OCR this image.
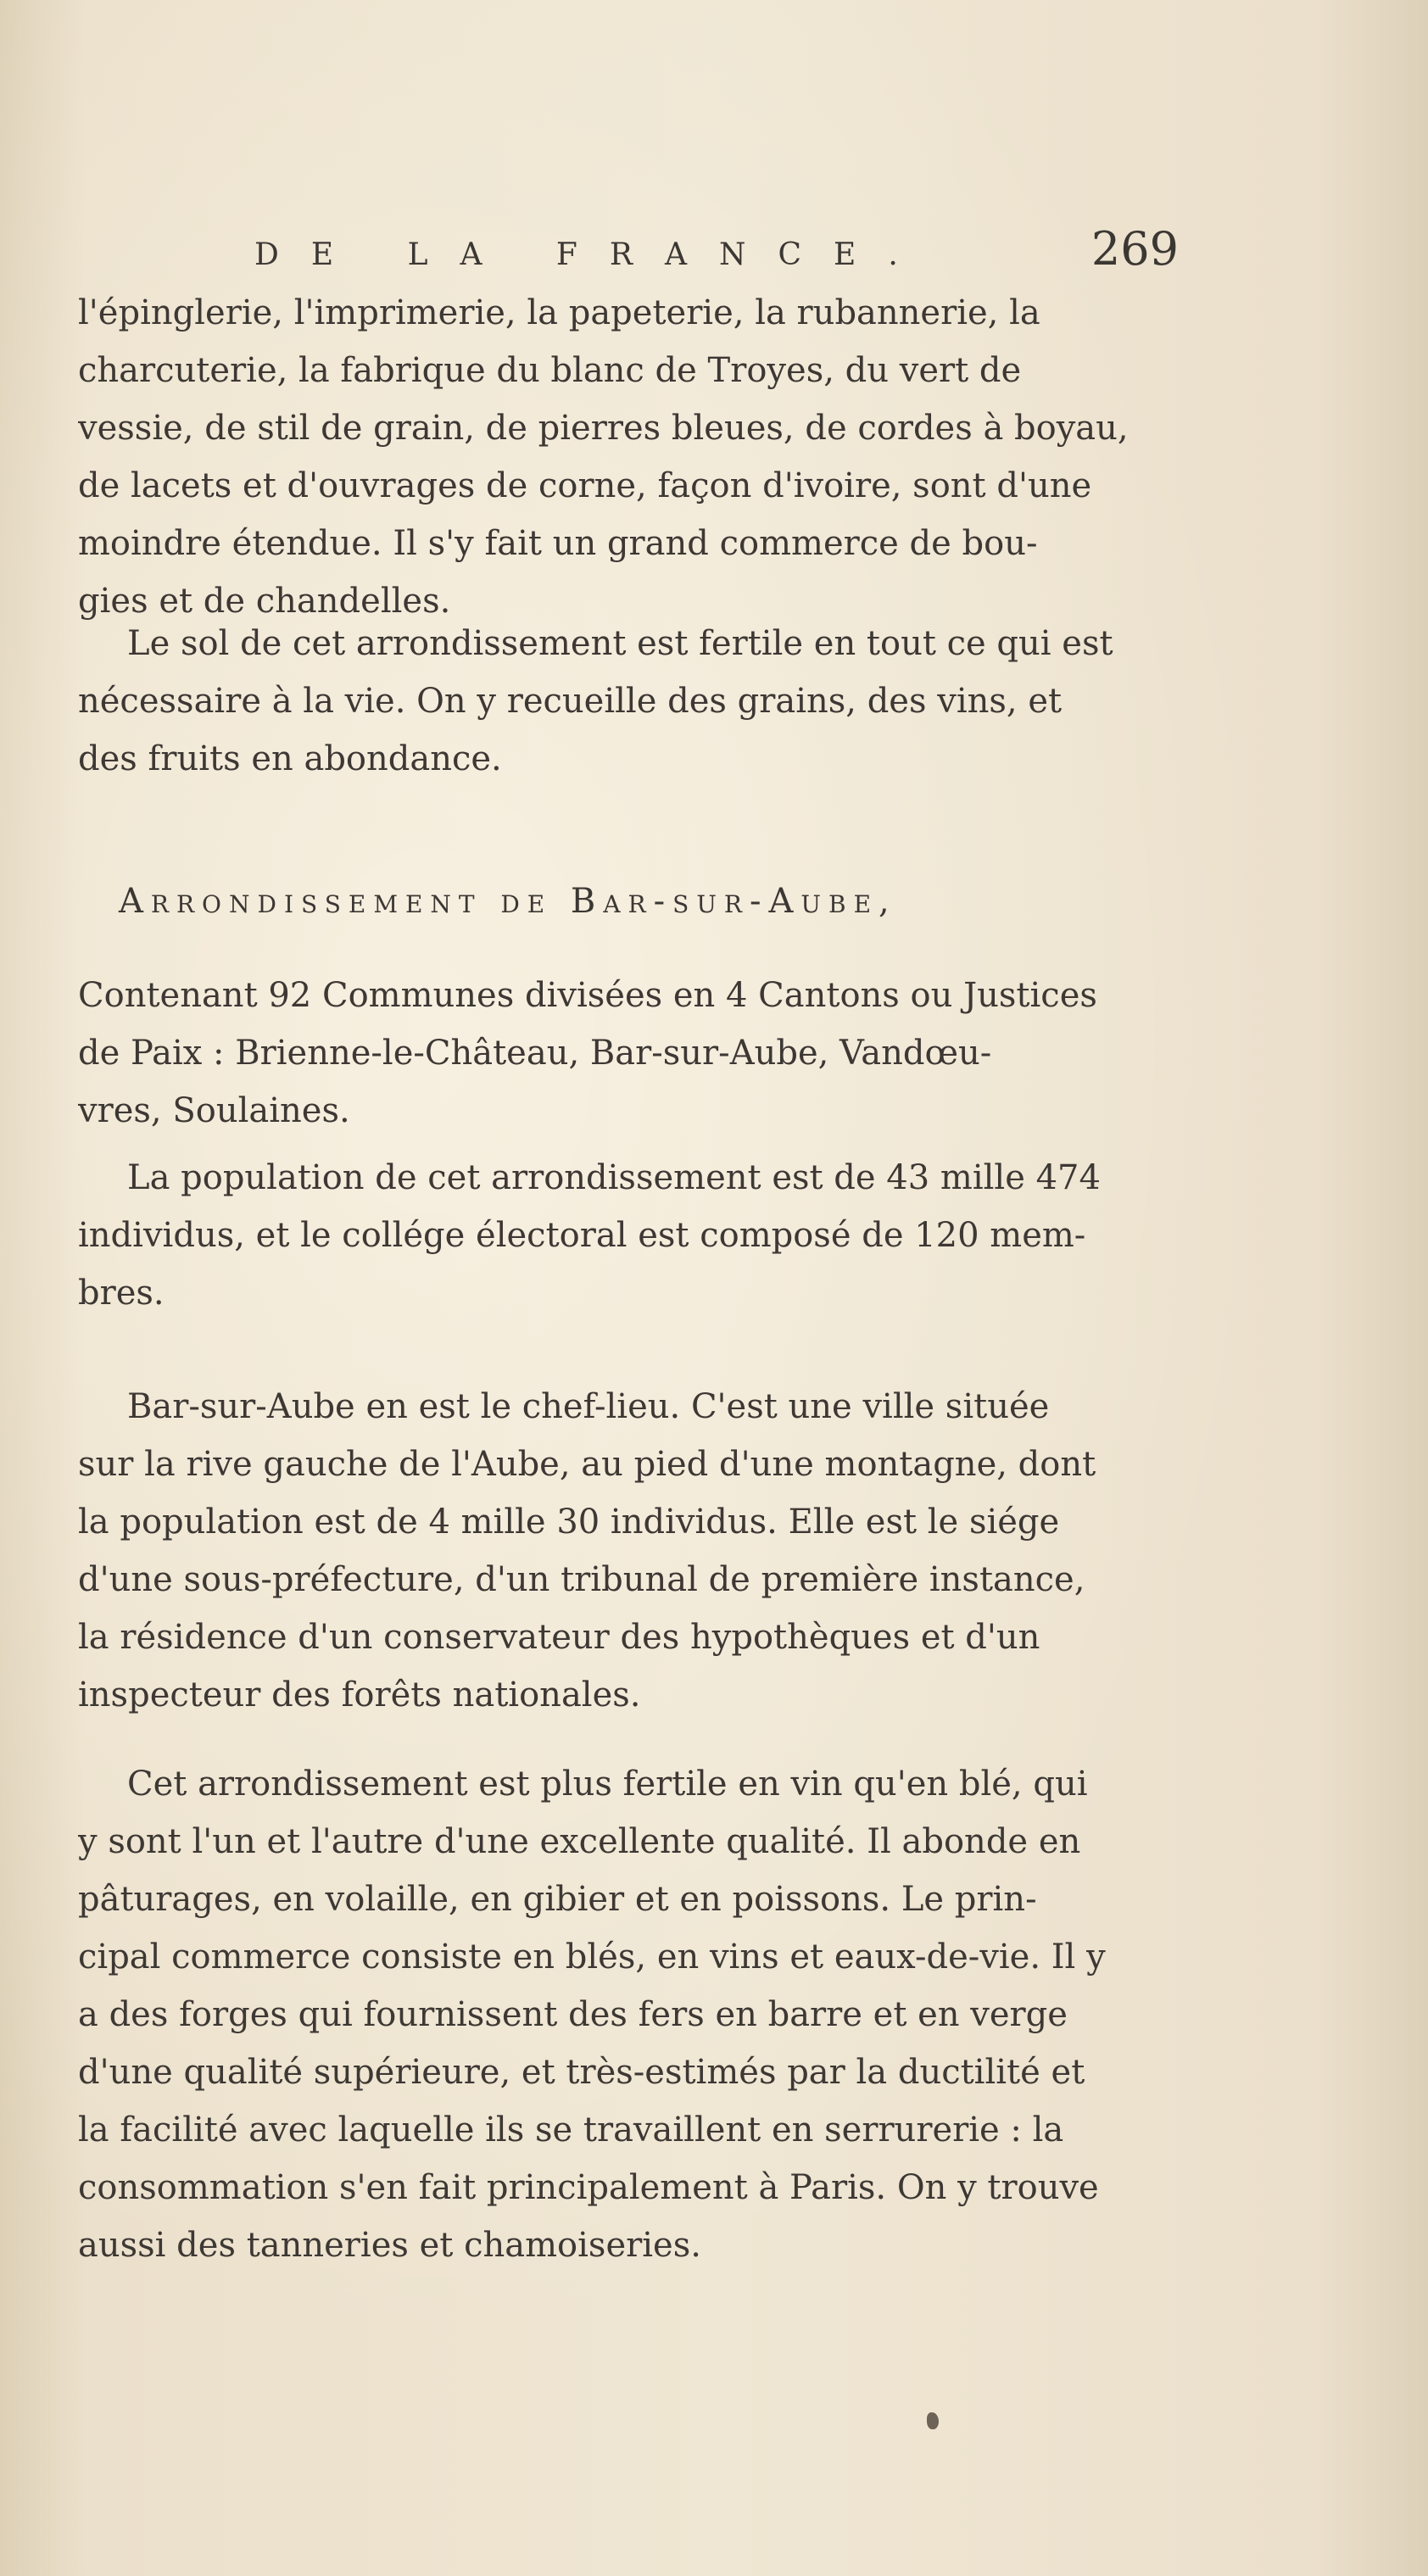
DE LA FRANCE.	269
l'épinglerie, l'imprimerie, la papeterie, la rubannerie, la
charcuterie, la fabrique du blanc de Troyes, du vert de
vessie, de stil de grain, de pierres bleues, de cordes à boyau,
de lacets et d'ouvrages de corne, façon d'ivoire, sont d'une
moindre étendue. Il s'y fait un grand commerce de bou-
gies et de chandelles.
Le sol de cet arrondissement est fertile en tout ce qui est
nécessaire à la vie. On y recueille des grains, des vins, et
des fruits en abondance.
Arrondissement de Bar-sur-Aube,
Contenant 92 Communes divisées en 4 Cantons ou Justices
de Paix : Brienne-le-Château, Bar-sur-Aube, Vandœu-
vres, Soulaines.
La population de cet arrondissement est de 43 mille 474
individus, et le collége électoral est composé de 120 mem-
bres.
Bar-sur-Aube en est le chef-lieu. C'est une ville située
sur la rive gauche de l'Aube, au pied d'une montagne, dont
la population est de 4 mille 30 individus. Elle est le siége
d'une sous-préfecture, d'un tribunal de première instance,
la résidence d'un conservateur des hypothèques et d'un
inspecteur des forêts nationales.
Cet arrondissement est plus fertile en vin qu'en blé, qui
y sont l'un et l'autre d'une excellente qualité. Il abonde en
pâturages, en volaille, en gibier et en poissons. Le prin-
cipal commerce consiste en blés, en vins et eaux-de-vie. Il y
a des forges qui fournissent des fers en barre et en verge
d'une qualité supérieure, et très-estimés par la ductilité et
la facilité avec laquelle ils se travaillent en serrurerie : la
consommation s'en fait principalement à Paris. On y trouve
aussi des tanneries et chamoiseries.
